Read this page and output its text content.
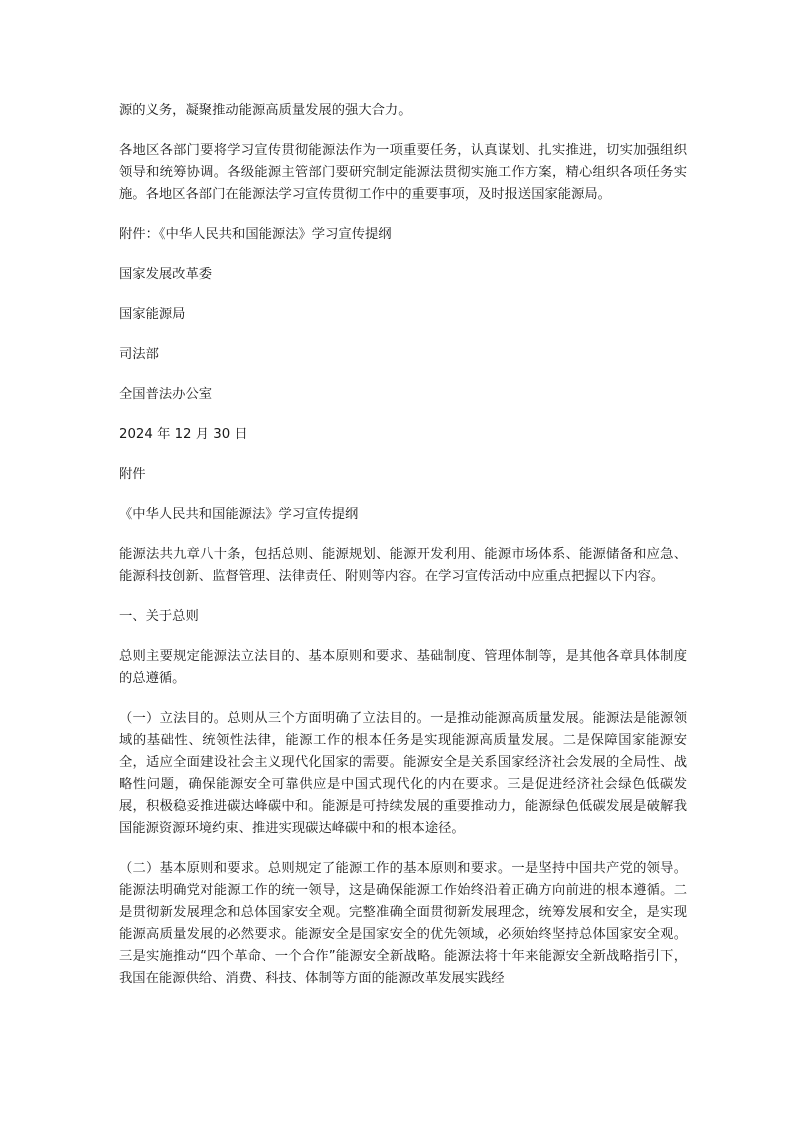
源的义务，凝聚推动能源高质量发展的强大合力。

各地区各部门要将学习宣传贯彻能源法作为一项重要任务，认真谋划、扎实推进，切实加强组织领导和统筹协调。各级能源主管部门要研究制定能源法贯彻实施工作方案，精心组织各项任务实施。各地区各部门在能源法学习宣传贯彻工作中的重要事项，及时报送国家能源局。

附件：《中华人民共和国能源法》学习宣传提纲

国家发展改革委

国家能源局

司法部

全国普法办公室

2024 年 12 月 30 日

附件

《中华人民共和国能源法》学习宣传提纲

能源法共九章八十条，包括总则、能源规划、能源开发利用、能源市场体系、能源储备和应急、能源科技创新、监督管理、法律责任、附则等内容。在学习宣传活动中应重点把握以下内容。

一、关于总则

总则主要规定能源法立法目的、基本原则和要求、基础制度、管理体制等，是其他各章具体制度的总遵循。

（一）立法目的。总则从三个方面明确了立法目的。一是推动能源高质量发展。能源法是能源领域的基础性、统领性法律，能源工作的根本任务是实现能源高质量发展。二是保障国家能源安全，适应全面建设社会主义现代化国家的需要。能源安全是关系国家经济社会发展的全局性、战略性问题，确保能源安全可靠供应是中国式现代化的内在要求。三是促进经济社会绿色低碳发展，积极稳妥推进碳达峰碳中和。能源是可持续发展的重要推动力，能源绿色低碳发展是破解我国能源资源环境约束、推进实现碳达峰碳中和的根本途径。

（二）基本原则和要求。总则规定了能源工作的基本原则和要求。一是坚持中国共产党的领导。能源法明确党对能源工作的统一领导，这是确保能源工作始终沿着正确方向前进的根本遵循。二是贯彻新发展理念和总体国家安全观。完整准确全面贯彻新发展理念，统筹发展和安全，是实现能源高质量发展的必然要求。能源安全是国家安全的优先领域，必须始终坚持总体国家安全观。三是实施推动“四个革命、一个合作”能源安全新战略。能源法将十年来能源安全新战略指引下，我国在能源供给、消费、科技、体制等方面的能源改革发展实践经
